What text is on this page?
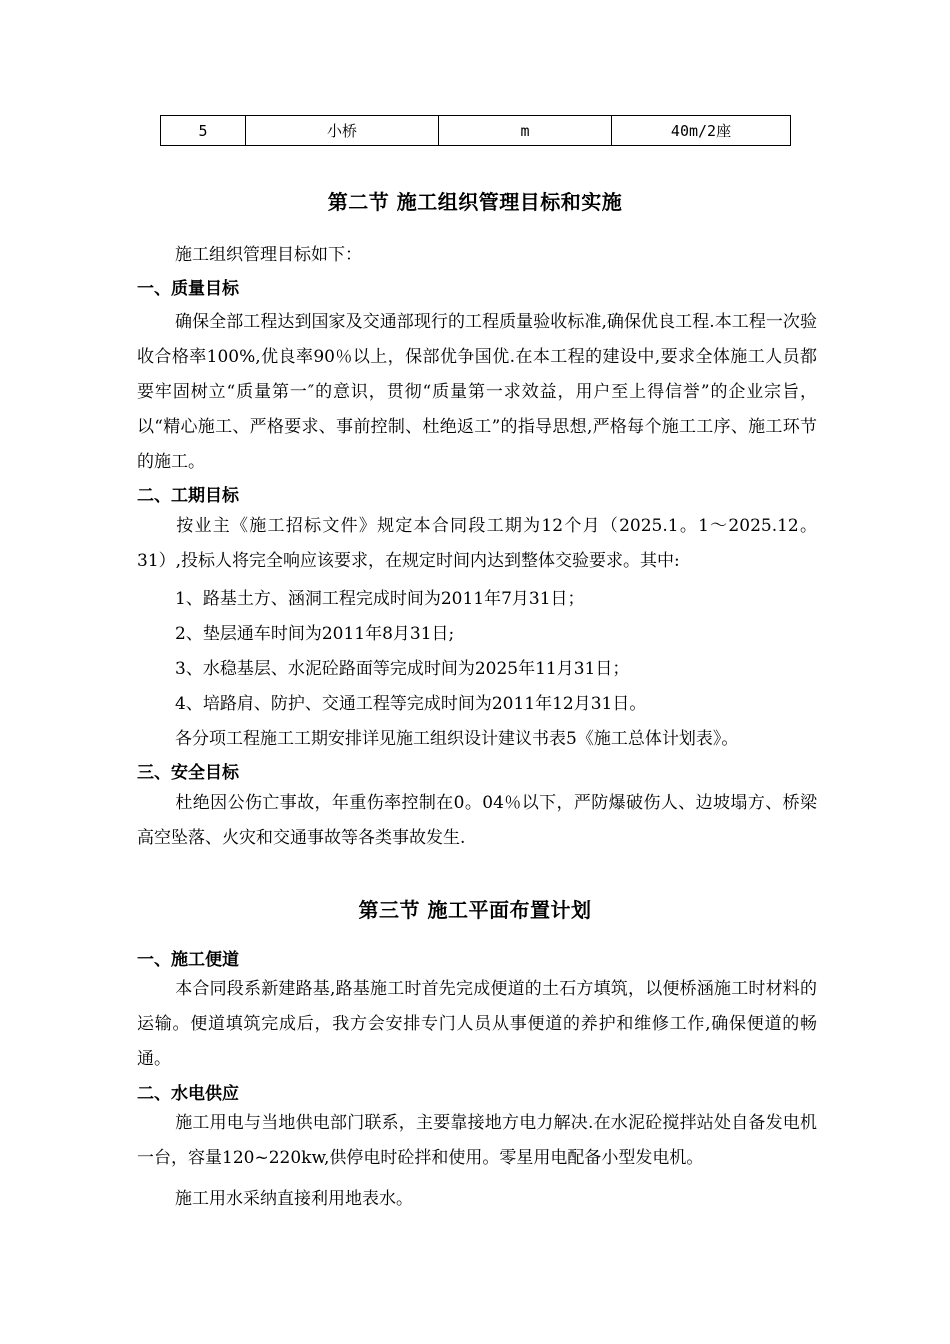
5	小桥	m	40m/2座
第二节 施工组织管理目标和实施
施工组织管理目标如下：
一、质量目标
确保全部工程达到国家及交通部现行的工程质量验收标准,确保优良工程.本工程一次验收合格率100%,优良率90％以上，保部优争国优.在本工程的建设中,要求全体施工人员都要牢固树立“质量第一″的意识，贯彻“质量第一求效益，用户至上得信誉”的企业宗旨，以“精心施工、严格要求、事前控制、杜绝返工”的指导思想,严格每个施工工序、施工环节的施工。
二、工期目标
按业主《施工招标文件》规定本合同段工期为12个月（2025.1。1～2025.12。31）,投标人将完全响应该要求，在规定时间内达到整体交验要求。其中:
1、路基土方、涵洞工程完成时间为2011年7月31日；
2、垫层通车时间为2011年8月31日;
3、水稳基层、水泥砼路面等完成时间为2025年11月31日；
4、培路肩、防护、交通工程等完成时间为2011年12月31日。
各分项工程施工工期安排详见施工组织设计建议书表5《施工总体计划表》。
三、安全目标
杜绝因公伤亡事故，年重伤率控制在0。04％以下，严防爆破伤人、边坡塌方、桥梁高空坠落、火灾和交通事故等各类事故发生.
第三节 施工平面布置计划
一、施工便道
本合同段系新建路基,路基施工时首先完成便道的土石方填筑，以便桥涵施工时材料的运输。便道填筑完成后，我方会安排专门人员从事便道的养护和维修工作,确保便道的畅通。
二、水电供应
施工用电与当地供电部门联系，主要靠接地方电力解决.在水泥砼搅拌站处自备发电机一台，容量120~220kw,供停电时砼拌和使用。零星用电配备小型发电机。
施工用水采纳直接利用地表水。
